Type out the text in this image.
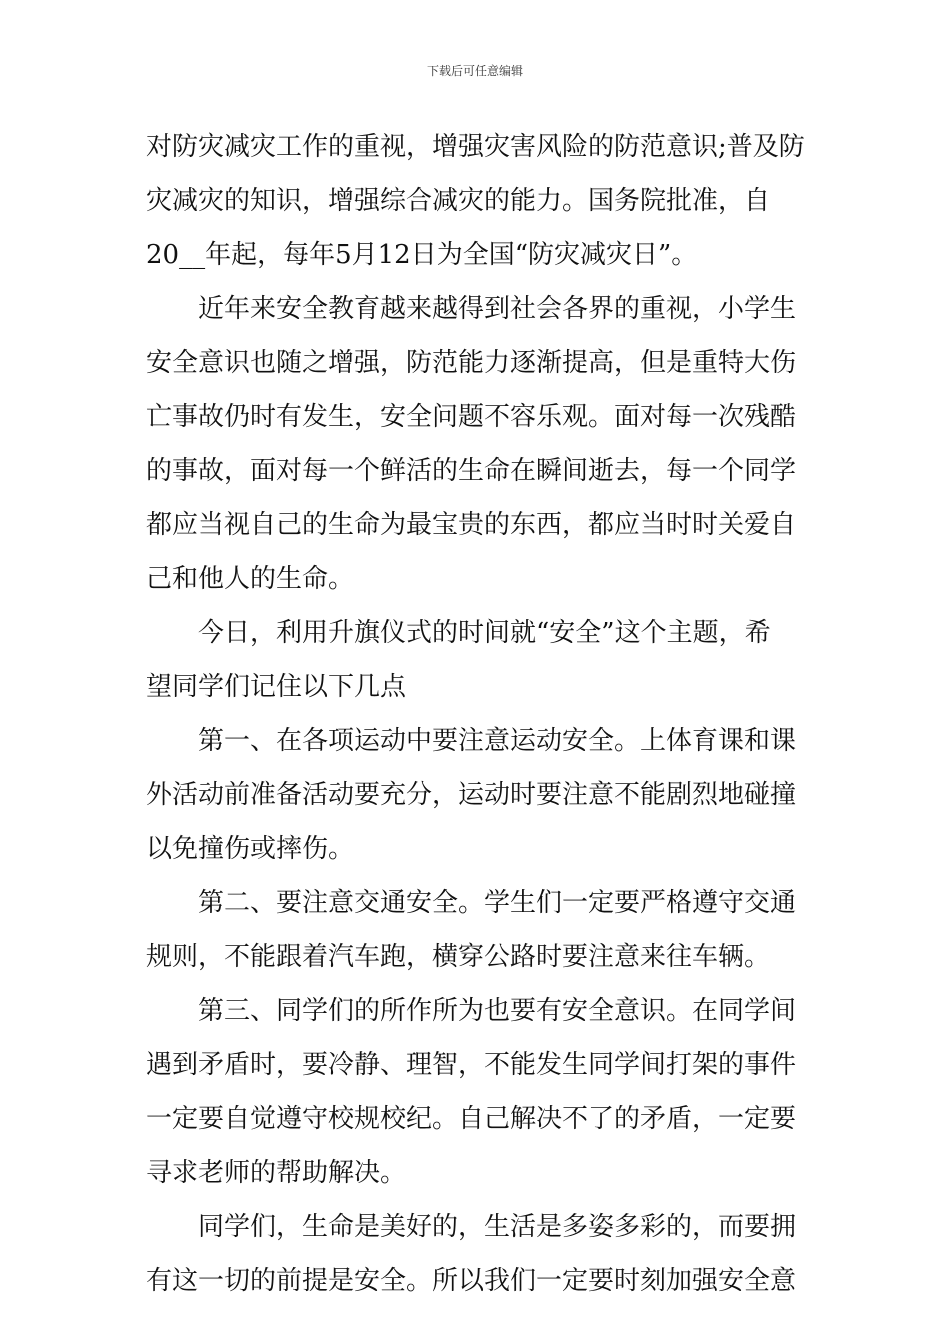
下载后可任意编辑
对防灾减灾工作的重视，增强灾害风险的防范意识;普及防
灾减灾的知识，增强综合减灾的能力。国务院批准，自
20__年起，每年5月12日为全国“防灾减灾日”。
近年来安全教育越来越得到社会各界的重视，小学生
安全意识也随之增强，防范能力逐渐提高，但是重特大伤
亡事故仍时有发生，安全问题不容乐观。面对每一次残酷
的事故，面对每一个鲜活的生命在瞬间逝去，每一个同学
都应当视自己的生命为最宝贵的东西，都应当时时关爱自
己和他人的生命。
今日，利用升旗仪式的时间就“安全”这个主题，希
望同学们记住以下几点
第一、在各项运动中要注意运动安全。上体育课和课
外活动前准备活动要充分，运动时要注意不能剧烈地碰撞
以免撞伤或摔伤。
第二、要注意交通安全。学生们一定要严格遵守交通
规则，不能跟着汽车跑，横穿公路时要注意来往车辆。
第三、同学们的所作所为也要有安全意识。在同学间
遇到矛盾时，要冷静、理智，不能发生同学间打架的事件
一定要自觉遵守校规校纪。自己解决不了的矛盾，一定要
寻求老师的帮助解决。
同学们，生命是美好的，生活是多姿多彩的，而要拥
有这一切的前提是安全。所以我们一定要时刻加强安全意
